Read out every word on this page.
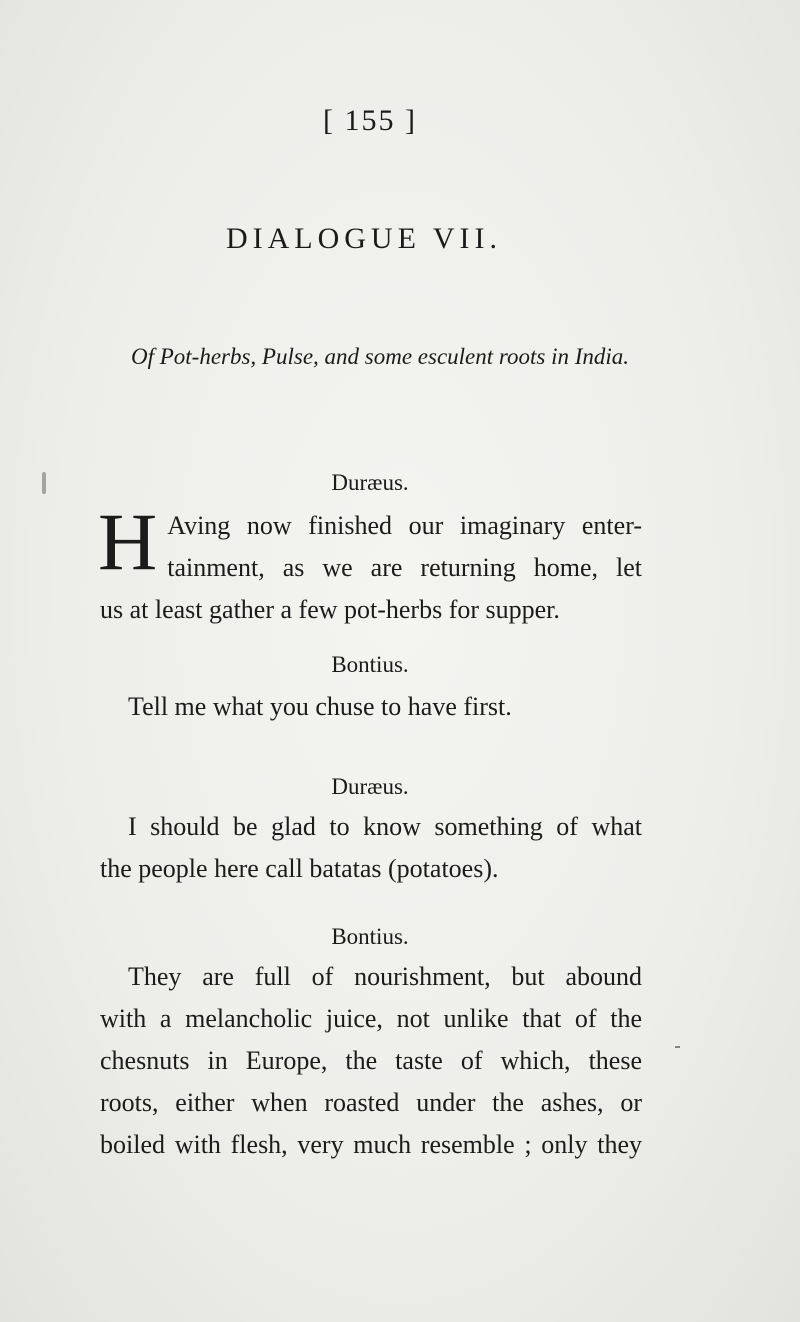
[ 155 ]
DIALOGUE VII.
Of Pot-herbs, Pulse, and some esculent roots in India.
Duræus.
H Aving now finished our imaginary enter-
tainment, as we are returning home, let
us at least gather a few pot-herbs for supper.
Bontius.
Tell me what you chuse to have first.
Duræus.
I should be glad to know something of what
the people here call batatas (potatoes).
Bontius.
They are full of nourishment, but abound
with a melancholic juice, not unlike that of the
chesnuts in Europe, the taste of which, these
roots, either when roasted under the ashes, or
boiled with flesh, very much resemble ; only they
